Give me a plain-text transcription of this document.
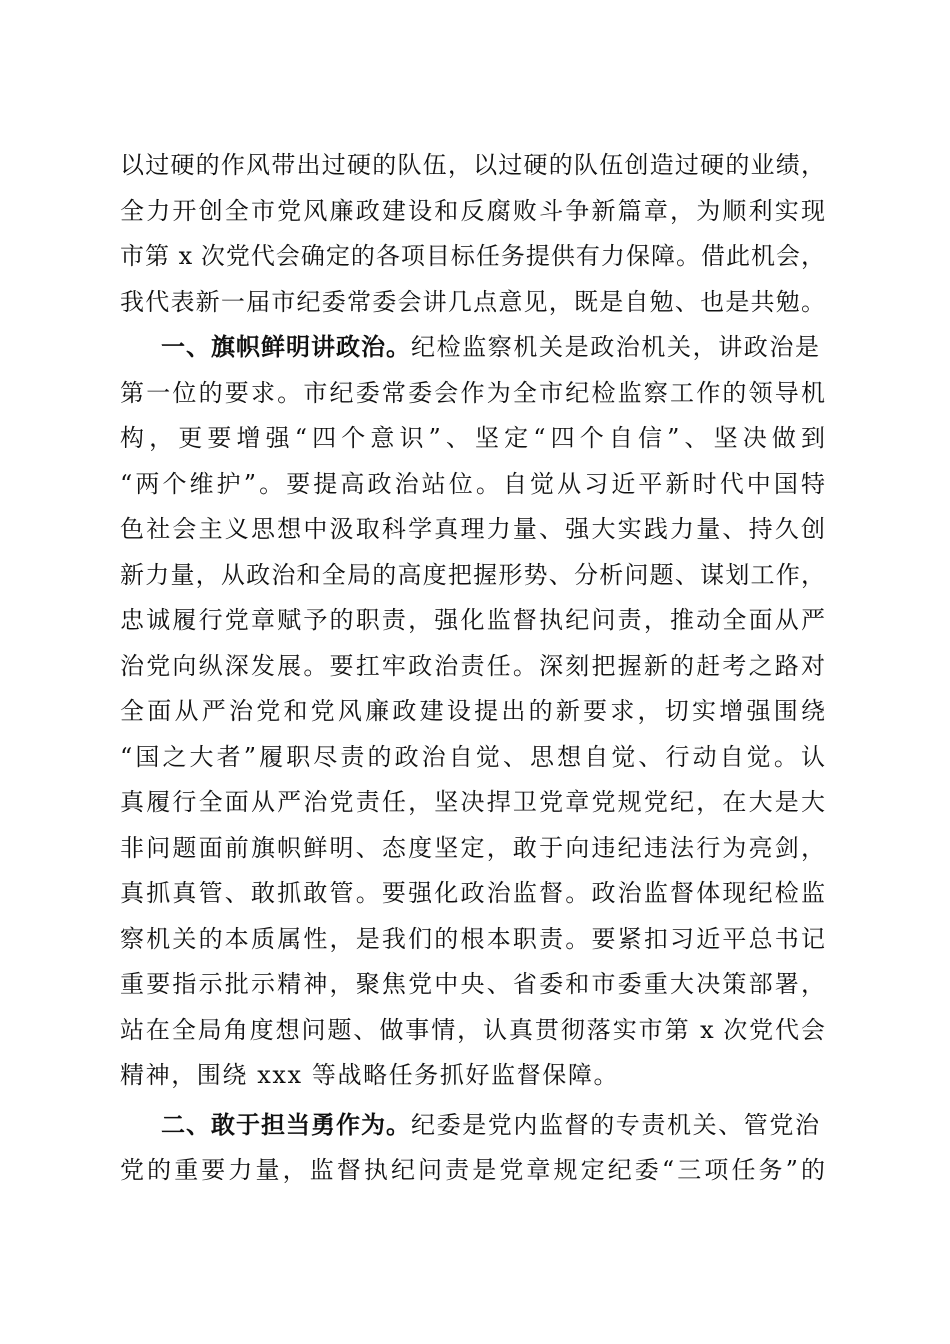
以过硬的作风带出过硬的队伍，以过硬的队伍创造过硬的业绩，
全力开创全市党风廉政建设和反腐败斗争新篇章，为顺利实现
市第 x 次党代会确定的各项目标任务提供有力保障。借此机会，
我代表新一届市纪委常委会讲几点意见，既是自勉、也是共勉。
一、旗帜鲜明讲政治。纪检监察机关是政治机关，讲政治是
第一位的要求。市纪委常委会作为全市纪检监察工作的领导机
构，更要增强“四个意识”、坚定“四个自信”、坚决做到
“两个维护”。要提高政治站位。自觉从习近平新时代中国特
色社会主义思想中汲取科学真理力量、强大实践力量、持久创
新力量，从政治和全局的高度把握形势、分析问题、谋划工作，
忠诚履行党章赋予的职责，强化监督执纪问责，推动全面从严
治党向纵深发展。要扛牢政治责任。深刻把握新的赶考之路对
全面从严治党和党风廉政建设提出的新要求，切实增强围绕
“国之大者”履职尽责的政治自觉、思想自觉、行动自觉。认
真履行全面从严治党责任，坚决捍卫党章党规党纪，在大是大
非问题面前旗帜鲜明、态度坚定，敢于向违纪违法行为亮剑，
真抓真管、敢抓敢管。要强化政治监督。政治监督体现纪检监
察机关的本质属性，是我们的根本职责。要紧扣习近平总书记
重要指示批示精神，聚焦党中央、省委和市委重大决策部署，
站在全局角度想问题、做事情，认真贯彻落实市第 x 次党代会
精神，围绕 xxx 等战略任务抓好监督保障。
二、敢于担当勇作为。纪委是党内监督的专责机关、管党治
党的重要力量，监督执纪问责是党章规定纪委“三项任务”的
